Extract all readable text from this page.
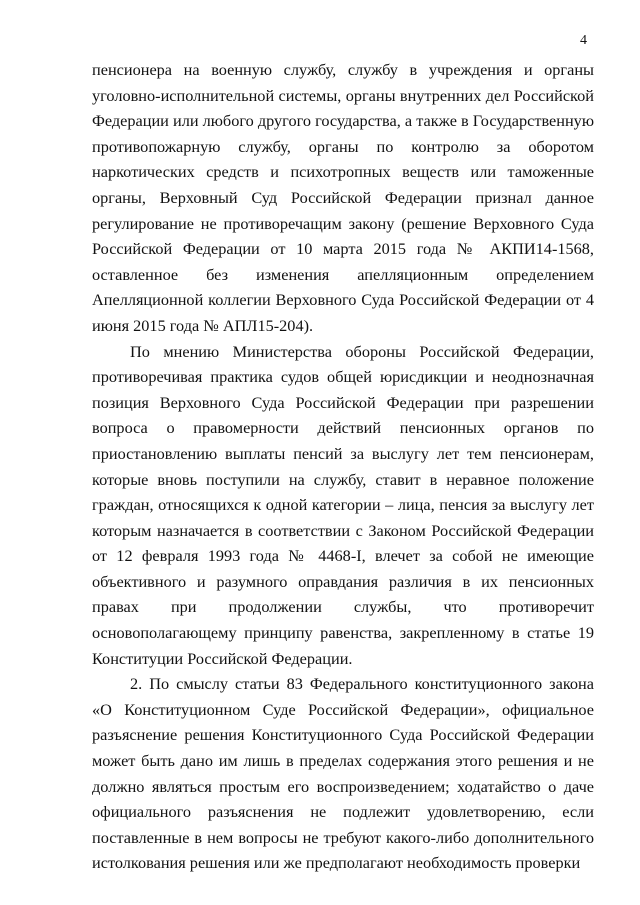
4

пенсионера на военную службу, службу в учреждения и органы уголовно-исполнительной системы, органы внутренних дел Российской Федерации или любого другого государства, а также в Государственную противопожарную службу, органы по контролю за оборотом наркотических средств и психотропных веществ или таможенные органы, Верховный Суд Российской Федерации признал данное регулирование не противоречащим закону (решение Верховного Суда Российской Федерации от 10 марта 2015 года № АКПИ14-1568, оставленное без изменения апелляционным определением Апелляционной коллегии Верховного Суда Российской Федерации от 4 июня 2015 года № АПЛ15-204).

По мнению Министерства обороны Российской Федерации, противоречивая практика судов общей юрисдикции и неоднозначная позиция Верховного Суда Российской Федерации при разрешении вопроса о правомерности действий пенсионных органов по приостановлению выплаты пенсий за выслугу лет тем пенсионерам, которые вновь поступили на службу, ставит в неравное положение граждан, относящихся к одной категории – лица, пенсия за выслугу лет которым назначается в соответствии с Законом Российской Федерации от 12 февраля 1993 года № 4468-I, влечет за собой не имеющие объективного и разумного оправдания различия в их пенсионных правах при продолжении службы, что противоречит основополагающему принципу равенства, закрепленному в статье 19 Конституции Российской Федерации.

2. По смыслу статьи 83 Федерального конституционного закона «О Конституционном Суде Российской Федерации», официальное разъяснение решения Конституционного Суда Российской Федерации может быть дано им лишь в пределах содержания этого решения и не должно являться простым его воспроизведением; ходатайство о даче официального разъяснения не подлежит удовлетворению, если поставленные в нем вопросы не требуют какого-либо дополнительного истолкования решения или же предполагают необходимость проверки
